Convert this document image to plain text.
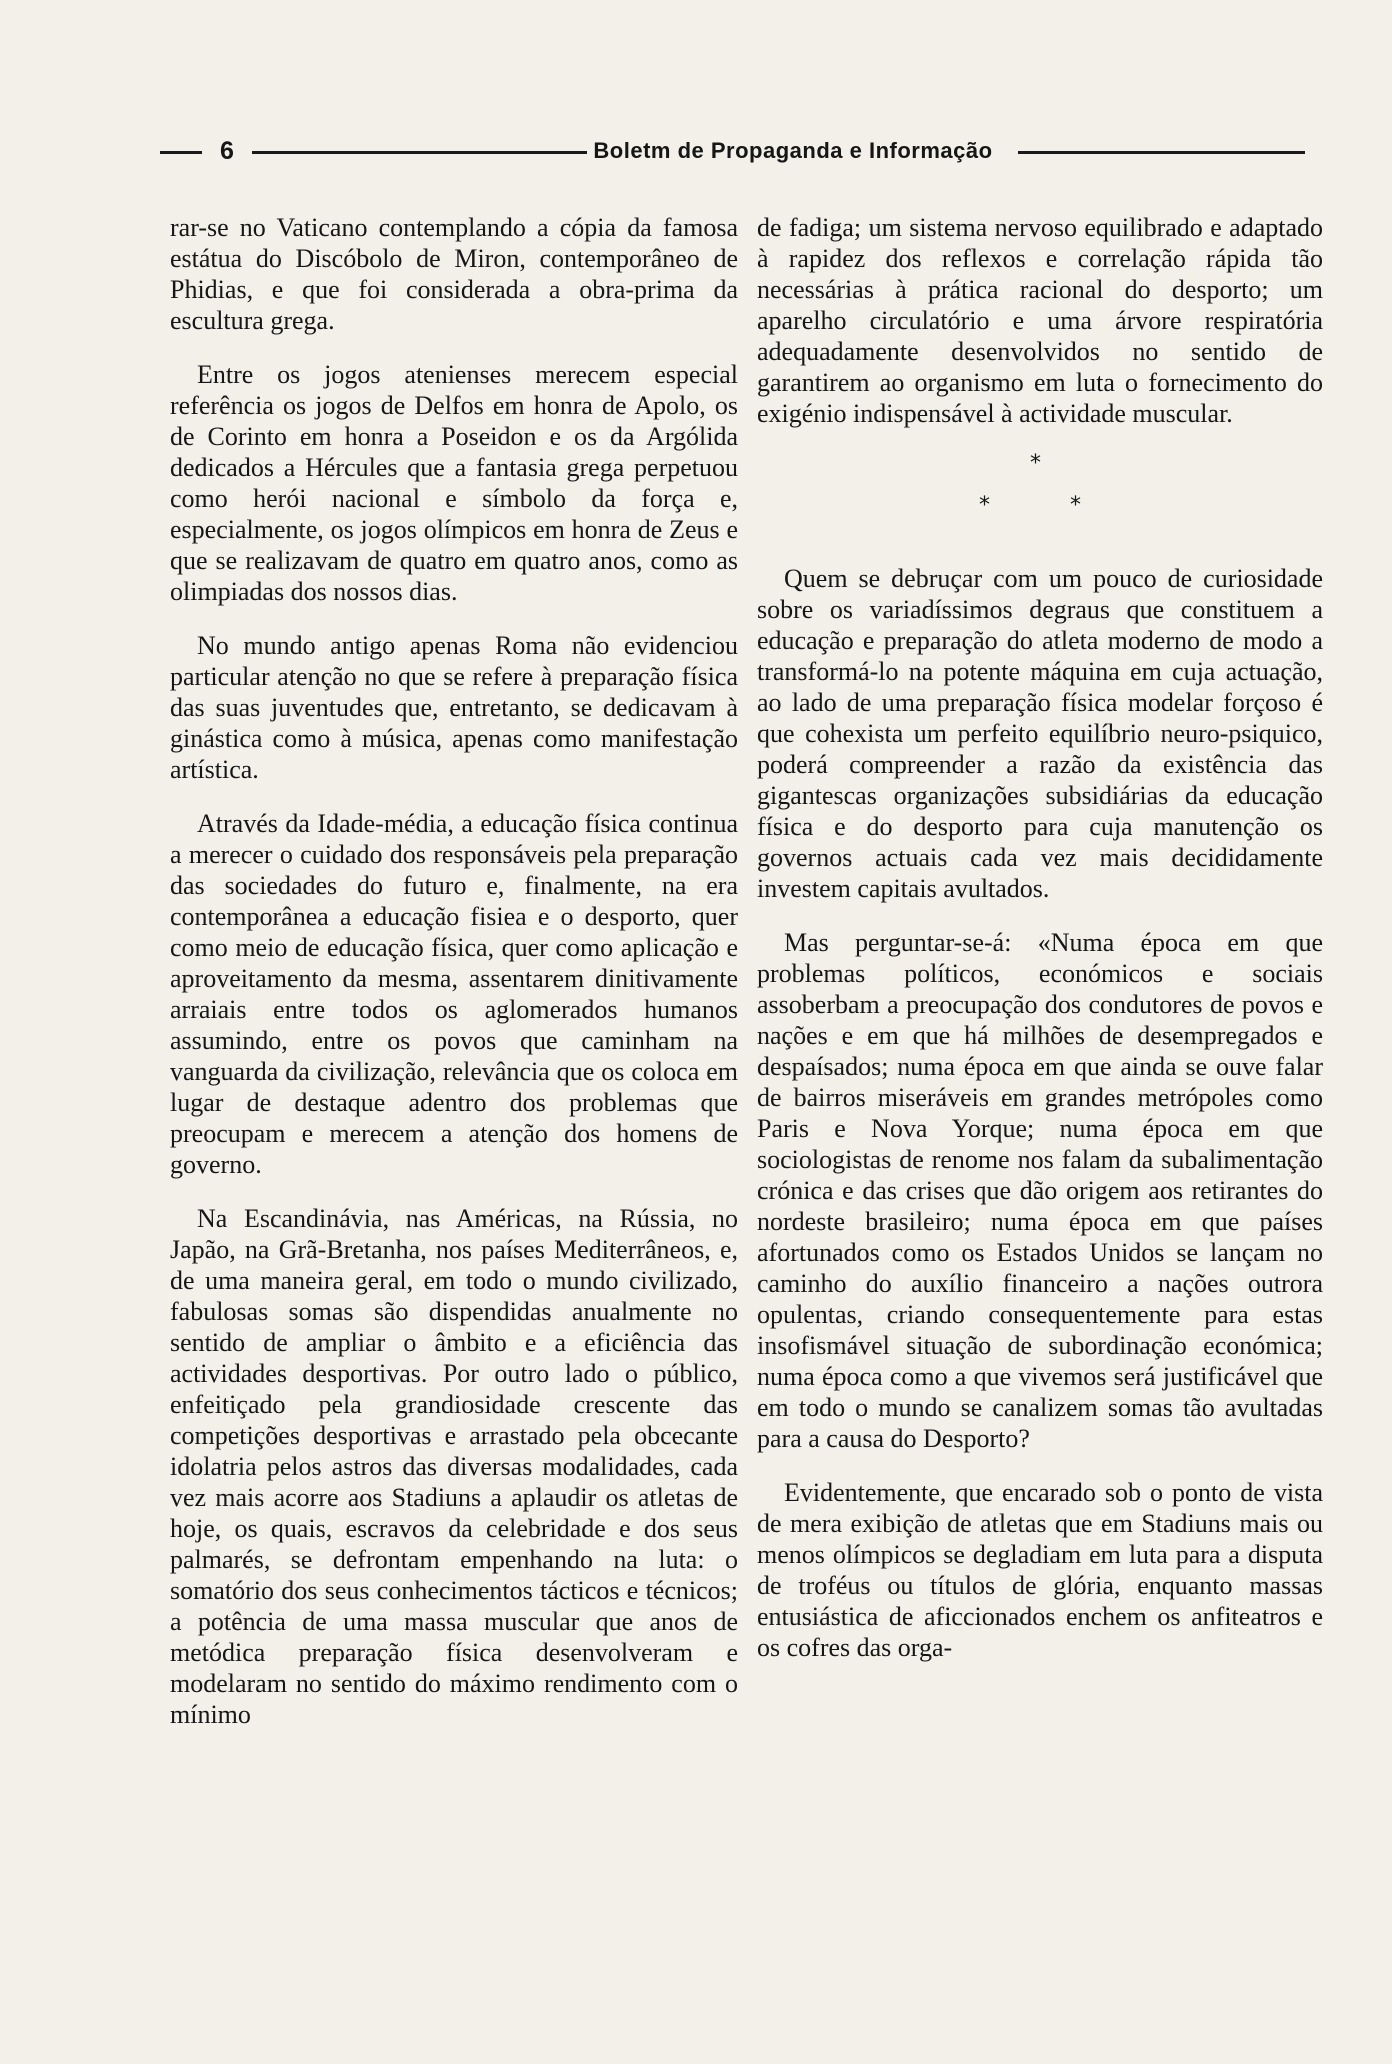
6	Boletm de Propaganda e Informação

rar-se no Vaticano contemplando a cópia da famosa estátua do Discóbolo de Miron, contemporâneo de Phidias, e que foi considerada a obra-prima da escultura grega.

Entre os jogos atenienses merecem especial referência os jogos de Delfos em honra de Apolo, os de Corinto em honra a Poseidon e os da Argólida dedicados a Hércules que a fantasia grega perpetuou como herói nacional e símbolo da força e, especialmente, os jogos olímpicos em honra de Zeus e que se realizavam de quatro em quatro anos, como as olimpiadas dos nossos dias.

No mundo antigo apenas Roma não evidenciou particular atenção no que se refere à preparação física das suas juventudes que, entretanto, se dedicavam à ginástica como à música, apenas como manifestação artística.

Através da Idade-média, a educação física continua a merecer o cuidado dos responsáveis pela preparação das sociedades do futuro e, finalmente, na era contemporânea a educação fisiea e o desporto, quer como meio de educação física, quer como aplicação e aproveitamento da mesma, assentarem dinitivamente arraiais entre todos os aglomerados humanos assumindo, entre os povos que caminham na vanguarda da civilização, relevância que os coloca em lugar de destaque adentro dos problemas que preocupam e merecem a atenção dos homens de governo.

Na Escandinávia, nas Américas, na Rússia, no Japão, na Grã-Bretanha, nos países Mediterrâneos, e, de uma maneira geral, em todo o mundo civilizado, fabulosas somas são dispendidas anualmente no sentido de ampliar o âmbito e a eficiência das actividades desportivas. Por outro lado o público, enfeitiçado pela grandiosidade crescente das competições desportivas e arrastado pela obcecante idolatria pelos astros das diversas modalidades, cada vez mais acorre aos Stadiuns a aplaudir os atletas de hoje, os quais, escravos da celebridade e dos seus palmarés, se defrontam empenhando na luta: o somatório dos seus conhecimentos tácticos e técnicos; a potência de uma massa muscular que anos de metódica preparação física desenvolveram e modelaram no sentido do máximo rendimento com o mínimo

de fadiga; um sistema nervoso equilibrado e adaptado à rapidez dos reflexos e correlação rápida tão necessárias à prática racional do desporto; um aparelho circulatório e uma árvore respiratória adequadamente desenvolvidos no sentido de garantirem ao organismo em luta o fornecimento do exigénio indispensável à actividade muscular.

*
*	*

Quem se debruçar com um pouco de curiosidade sobre os variadíssimos degraus que constituem a educação e preparação do atleta moderno de modo a transformá-lo na potente máquina em cuja actuação, ao lado de uma preparação física modelar forçoso é que cohexista um perfeito equilíbrio neuro-psiquico, poderá compreender a razão da existência das gigantescas organizações subsidiárias da educação física e do desporto para cuja manutenção os governos actuais cada vez mais decididamente investem capitais avultados.

Mas perguntar-se-á: «Numa época em que problemas políticos, económicos e sociais assoberbam a preocupação dos condutores de povos e nações e em que há milhões de desempregados e despaísados; numa época em que ainda se ouve falar de bairros miseráveis em grandes metrópoles como Paris e Nova Yorque; numa época em que sociologistas de renome nos falam da subalimentação crónica e das crises que dão origem aos retirantes do nordeste brasileiro; numa época em que países afortunados como os Estados Unidos se lançam no caminho do auxílio financeiro a nações outrora opulentas, criando consequentemente para estas insofismável situação de subordinação económica; numa época como a que vivemos será justificável que em todo o mundo se canalizem somas tão avultadas para a causa do Desporto?

Evidentemente, que encarado sob o ponto de vista de mera exibição de atletas que em Stadiuns mais ou menos olímpicos se degladiam em luta para a disputa de troféus ou títulos de glória, enquanto massas entusiástica de aficcionados enchem os anfiteatros e os cofres das orga-
